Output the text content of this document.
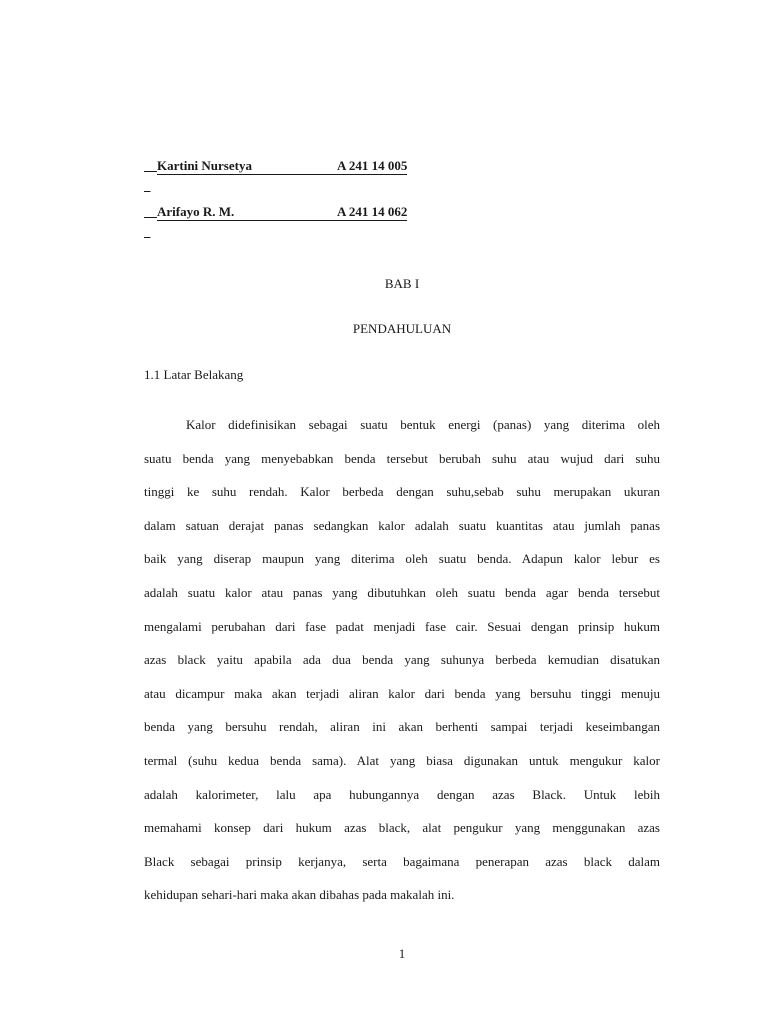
Kartini Nursetya	A 241 14 005

Arifayo R. M.	A 241 14 062

BAB I
PENDAHULUAN
1.1 Latar Belakang
Kalor didefinisikan sebagai suatu bentuk energi (panas) yang diterima oleh
suatu benda yang menyebabkan benda tersebut berubah suhu atau wujud dari suhu
tinggi ke suhu rendah. Kalor berbeda dengan suhu,sebab suhu merupakan ukuran
dalam satuan derajat panas sedangkan kalor adalah suatu kuantitas atau jumlah panas
baik yang diserap maupun yang diterima oleh suatu benda. Adapun kalor lebur es
adalah suatu kalor atau panas yang dibutuhkan oleh suatu benda agar benda tersebut
mengalami perubahan dari fase padat menjadi fase cair. Sesuai dengan prinsip hukum
azas black yaitu apabila ada dua benda yang suhunya berbeda kemudian disatukan
atau dicampur maka akan terjadi aliran kalor dari benda yang bersuhu tinggi menuju
benda yang bersuhu rendah, aliran ini akan berhenti sampai terjadi keseimbangan
termal (suhu kedua benda sama). Alat yang biasa digunakan untuk mengukur kalor
adalah kalorimeter, lalu apa hubungannya dengan azas Black. Untuk lebih
memahami konsep dari hukum azas black, alat pengukur yang menggunakan azas
Black sebagai prinsip kerjanya, serta bagaimana penerapan azas black dalam
kehidupan sehari-hari maka akan dibahas pada makalah ini.
1
